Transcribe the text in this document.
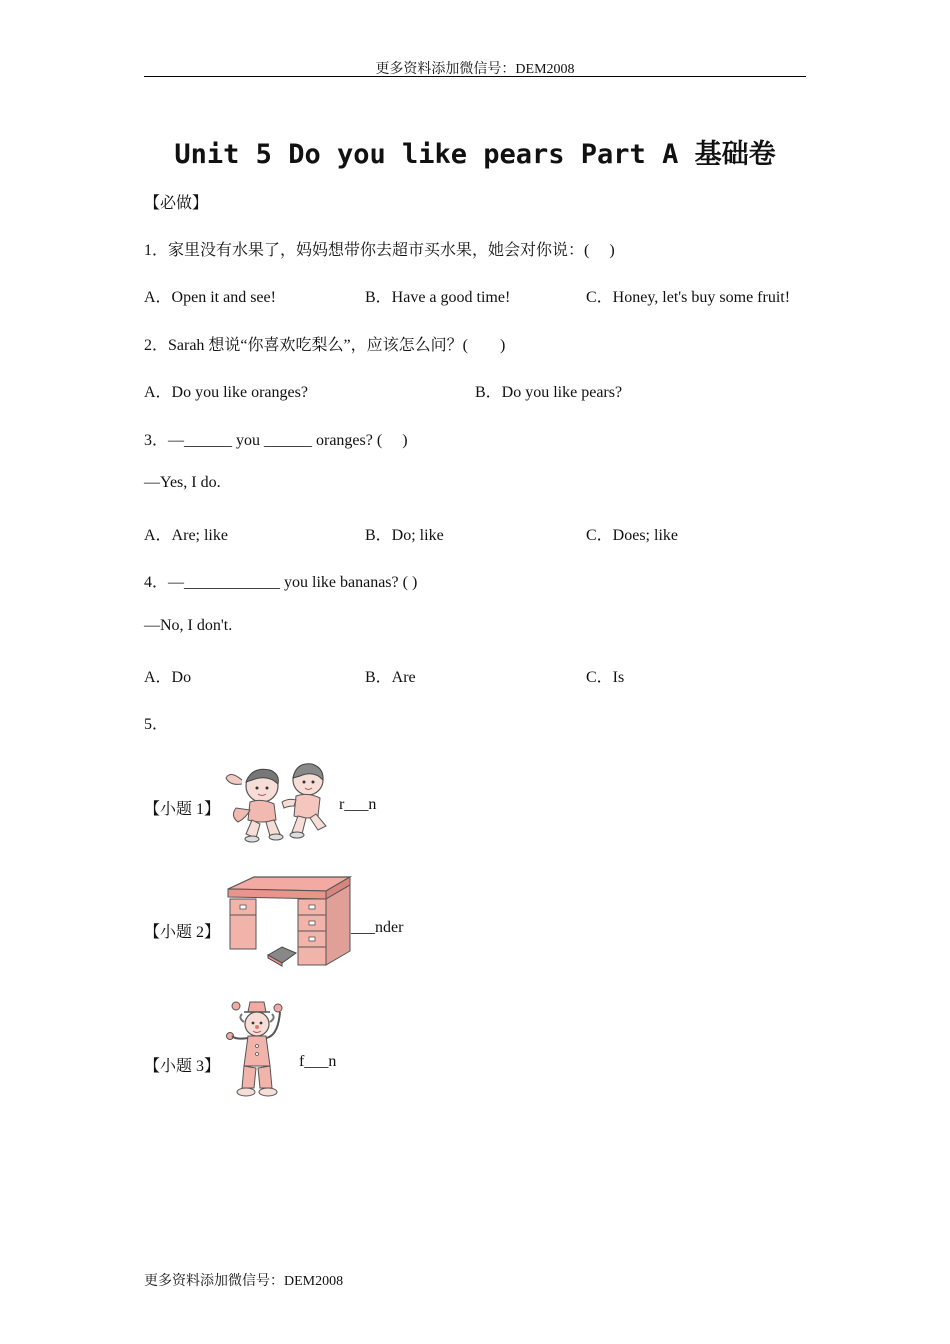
更多资料添加微信号：DEM2008
Unit 5 Do you like pears Part A 基础卷
【必做】
1．家里没有水果了，妈妈想带你去超市买水果，她会对你说：(　 )
A．Open it and see!	B．Have a good time!	C．Honey, let's buy some fruit!
2．Sarah 想说“你喜欢吃梨么”，应该怎么问？(　　)
A．Do you like oranges?	B．Do you like pears?
3．—______ you ______ oranges? (　 )
—Yes, I do.
A．Are; like	B．Do; like	C．Does; like
4．—____________ you like bananas? ( )
—No, I don't.
A．Do	B．Are	C．Is
5．
【小题 1】	r___n
【小题 2】	___nder
【小题 3】	f___n
更多资料添加微信号：DEM2008
